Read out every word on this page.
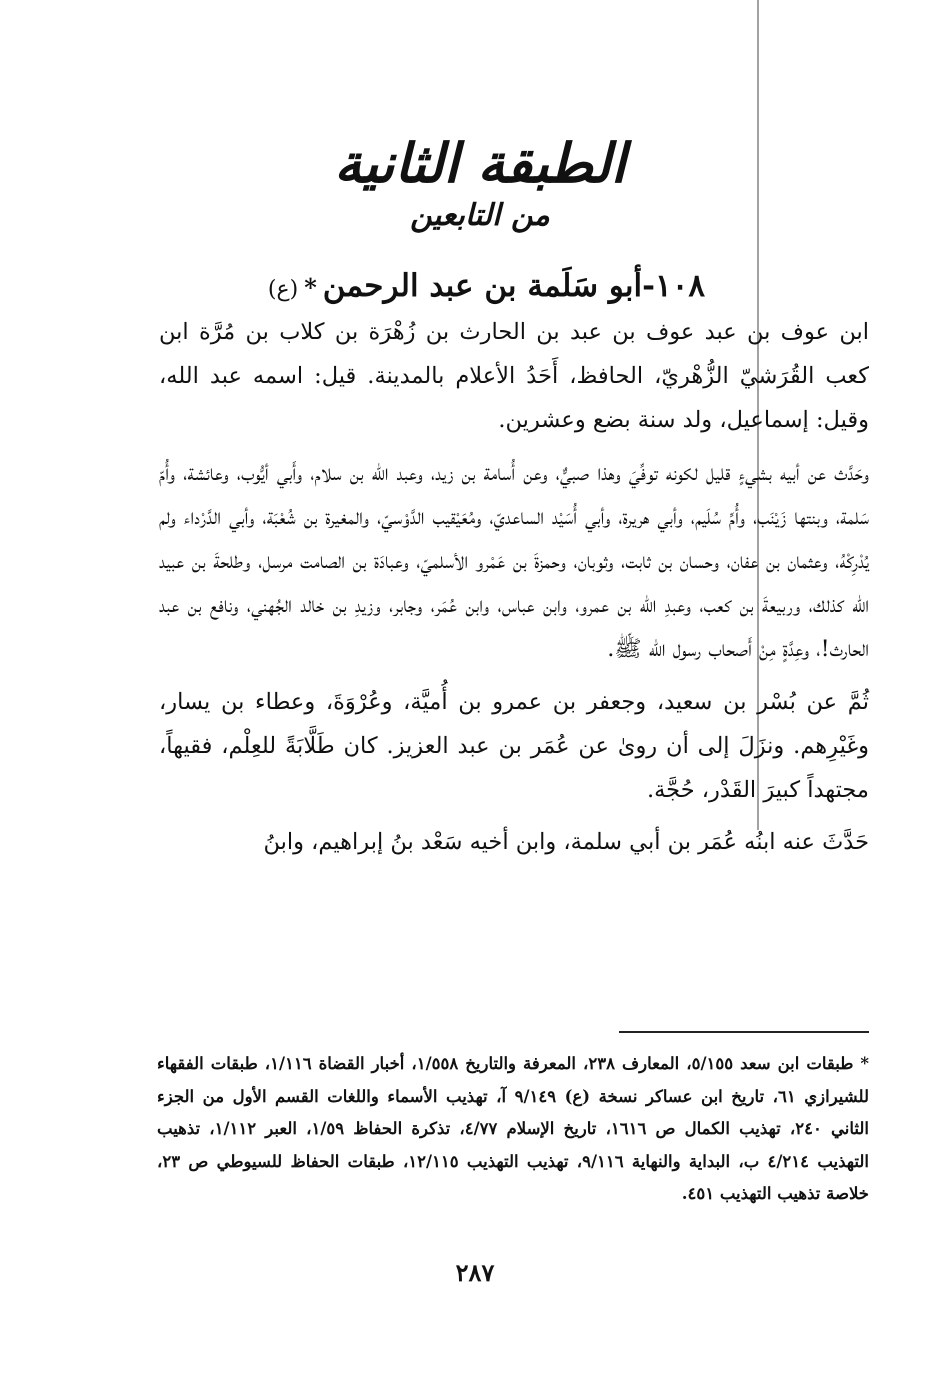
الطبقة الثانية
من التابعين
١٠٨-أبو سَلَمة بن عبد الرحمن*(ع)

ابن عوف بن عبد عوف بن عبد بن الحارث بن زُهْرَة بن كلاب بن مُرَّة ابن كعب القُرَشيّ الزُّهْريّ، الحافظ، أَحَدُ الأعلام بالمدينة. قيل: اسمه عبد الله، وقيل: إسماعيل، ولد سنة بضع وعشرين.

وحَدَّث عن أبيه بشيءٍ قليل لكونه توفِّيَ وهذا صبيٌّ، وعن أُسامة بن زيد، وعبد الله بن سلام، وأَبي أيُّوب، وعائشة، وأُمّ سَلمة، وبنتها زَيْنَب، وأُمِّ سُلَيم، وأبي هريرة، وأبي أُسَيْد الساعديّ، ومُعَيْقيب الدَّوْسيّ، والمغيرة بن شُعْبَة، وأبي الدَّرْداء ولم يُدْرِكْهُ، وعثمان بن عفان، وحسان بن ثابت، وثوبان، وحمزةَ بن عَمْرو الأسلميّ، وعبادَة بن الصامت مرسل، وطلحةَ بن عبيد الله كذلك، وربيعةَ بن كعب، وعبدِ الله بن عمرو، وابن عباس، وابن عُمَر، وجابر، وزيدِ بن خالد الجُهني، ونافع بن عبد الحارث!، وعِدَّةٍ مِنْ أَصحاب رسول الله ﷺ.

ثُمَّ عن بُسْر بن سعيد، وجعفر بن عمرو بن أُميَّة، وعُرْوَةَ، وعطاء بن يسار، وغَيْرِهم. ونزَلَ إلى أن روىٰ عن عُمَر بن عبد العزيز. كان طَلَّابَةً للعِلْم، فقيهاً، مجتهداً كبيرَ القَدْر، حُجَّة.

حَدَّثَ عنه ابنُه عُمَر بن أبي سلمة، وابن أخيه سَعْد بنُ إبراهيم، وابنُ

* طبقات ابن سعد ٥/١٥٥، المعارف ٢٣٨، المعرفة والتاريخ ١/٥٥٨، أخبار القضاة ١/١١٦، طبقات الفقهاء للشيرازي ٦١، تاريخ ابن عساكر نسخة (ع) ٩/١٤٩ آ، تهذيب الأسماء واللغات القسم الأول من الجزء الثاني ٢٤٠، تهذيب الكمال ص ١٦١٦، تاريخ الإسلام ٤/٧٧، تذكرة الحفاظ ١/٥٩، العبر ١/١١٢، تذهيب التهذيب ٤/٢١٤ ب، البداية والنهاية ٩/١١٦، تهذيب التهذيب ١٢/١١٥، طبقات الحفاظ للسيوطي ص ٢٣، خلاصة تذهيب التهذيب ٤٥١.
٢٨٧
